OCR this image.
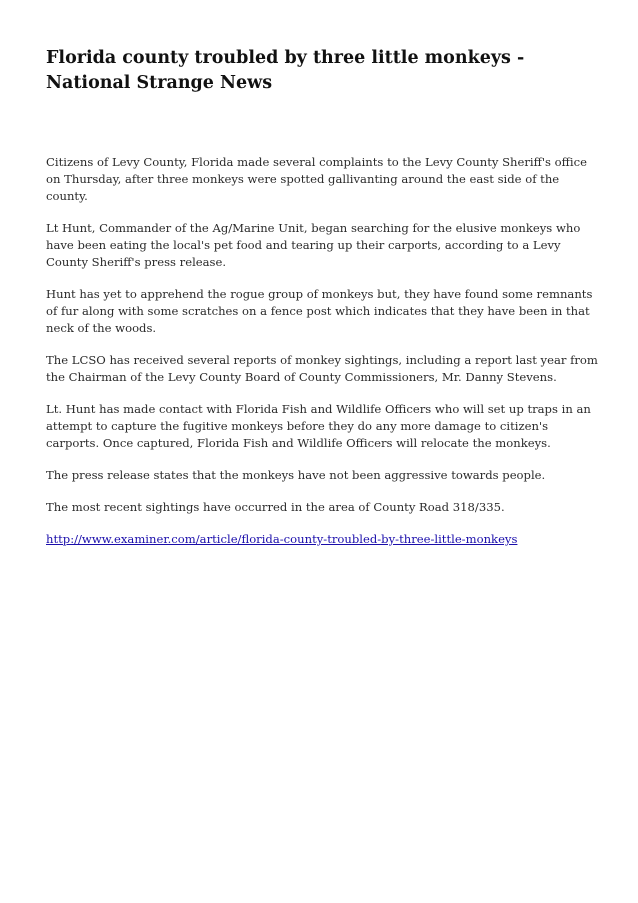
Florida county troubled by three little monkeys - National Strange News

Citizens of Levy County, Florida made several complaints to the Levy County Sheriff's office on Thursday, after three monkeys were spotted gallivanting around the east side of the county.

Lt Hunt, Commander of the Ag/Marine Unit, began searching for the elusive monkeys who have been eating the local's pet food and tearing up their carports, according to a Levy County Sheriff's press release.

Hunt has yet to apprehend the rogue group of monkeys but, they have found some remnants of fur along with some scratches on a fence post which indicates that they have been in that neck of the woods.

The LCSO has received several reports of monkey sightings, including a report last year from the Chairman of the Levy County Board of County Commissioners, Mr. Danny Stevens.

Lt. Hunt has made contact with Florida Fish and Wildlife Officers who will set up traps in an attempt to capture the fugitive monkeys before they do any more damage to citizen's carports. Once captured, Florida Fish and Wildlife Officers will relocate the monkeys.

The press release states that the monkeys have not been aggressive towards people.

The most recent sightings have occurred in the area of County Road 318/335.

http://www.examiner.com/article/florida-county-troubled-by-three-little-monkeys
